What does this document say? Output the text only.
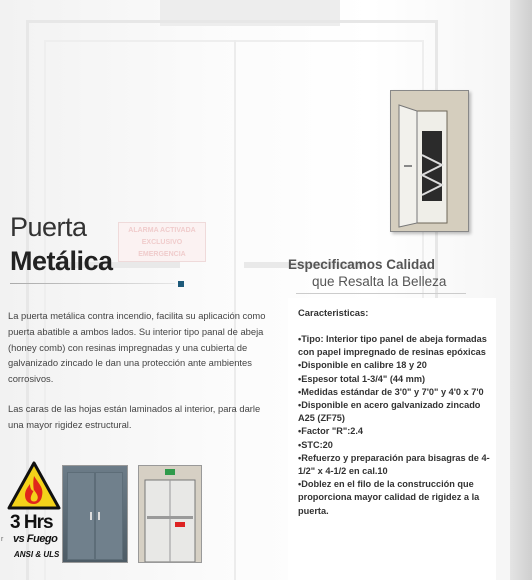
ALARMA ACTIVADA
EXCLUSIVO
EMERGENCIA
Puerta
Metálica

La puerta metálica contra incendio, facilita su aplicación como puerta abatible a ambos lados. Su interior tipo panal de abeja (honey comb) con resinas impregnadas y una cubierta de galvanizado zincado le dan una protección ante ambientes corrosivos.

Las caras de las hojas están laminados al interior, para darle una mayor rigidez estructural.

Especificamos Calidad
que Resalta la Belleza
Caracteristicas:
•Tipo: Interior tipo panel de abeja formadas con papel impregnado de resinas epóxicas
•Disponible en calibre 18 y 20
•Espesor total 1-3/4" (44 mm)
•Medidas estándar de 3'0" y 7'0" y 4'0 x 7'0
•Disponible en acero galvanizado zincado A25 (ZF75)
•Factor "R":2.4
•STC:20
•Refuerzo y preparación para bisagras de 4-1/2" x 4-1/2 en cal.10
•Doblez en el filo de la construcción que proporciona mayor calidad de rigidez a la puerta.
3 Hrs
vs Fuego
ANSI & ULS
r
